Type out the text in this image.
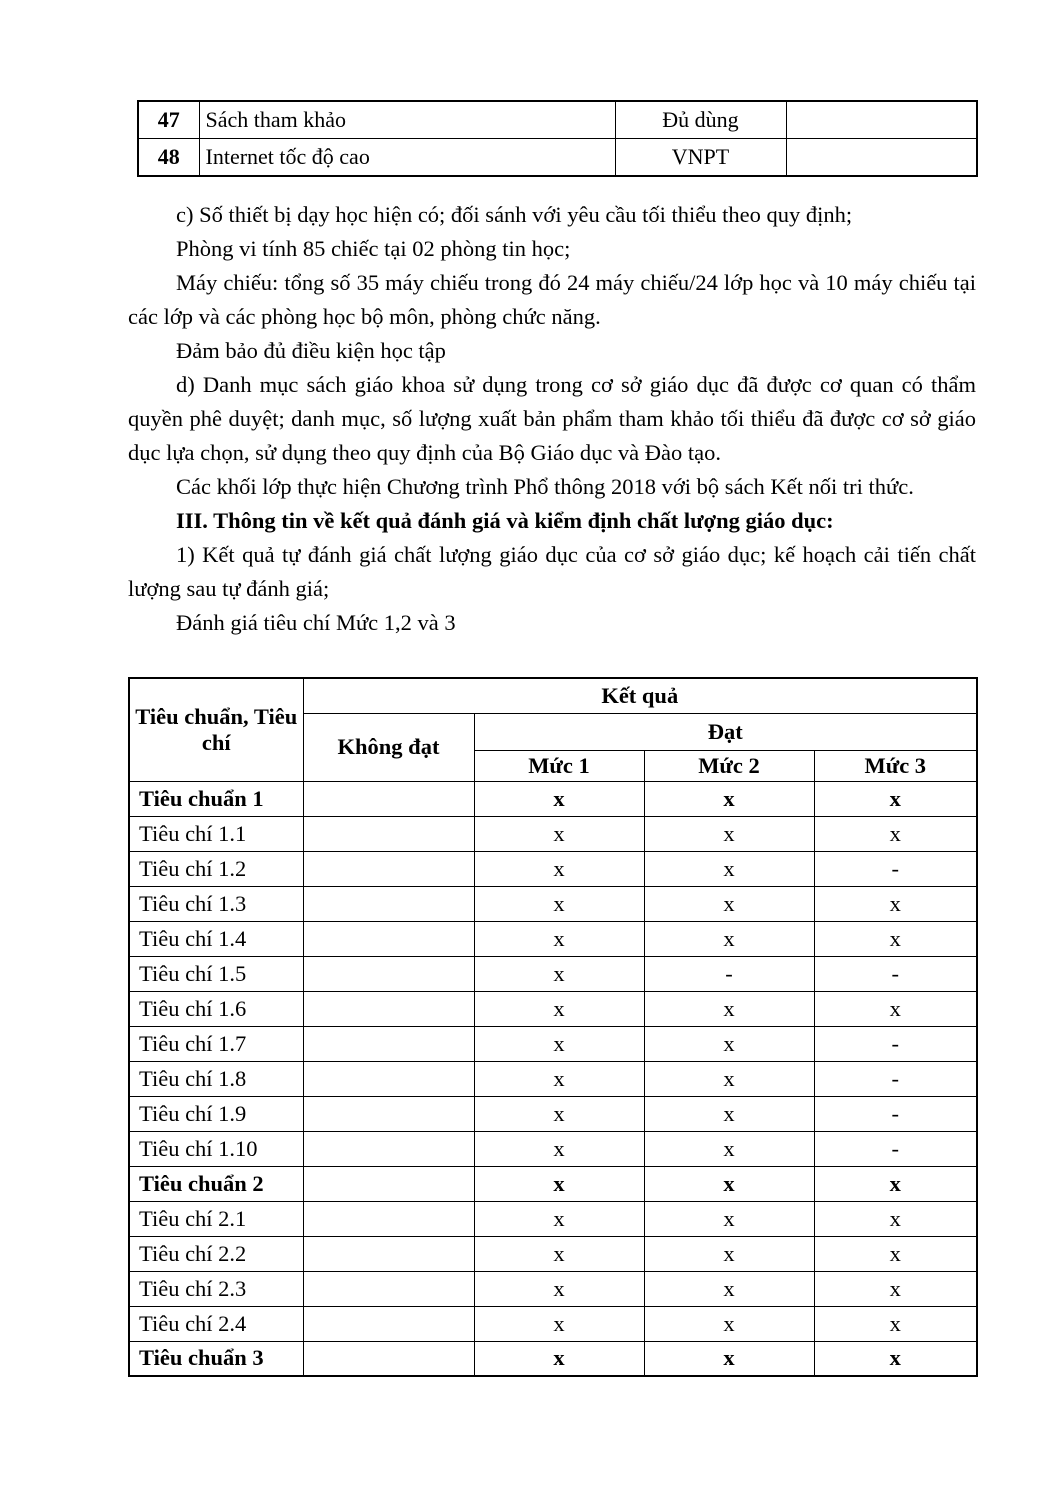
47	Sách tham khảo	Đủ dùng	
48	Internet tốc độ cao	VNPT	

c) Số thiết bị dạy học hiện có; đối sánh với yêu cầu tối thiểu theo quy định;

Phòng vi tính 85 chiếc tại 02 phòng tin học;

Máy chiếu: tổng số 35 máy chiếu trong đó 24 máy chiếu/24 lớp học và 10 máy chiếu tại các lớp và các phòng học bộ môn, phòng chức năng.

Đảm bảo đủ điều kiện học tập

d) Danh mục sách giáo khoa sử dụng trong cơ sở giáo dục đã được cơ quan có thẩm quyền phê duyệt; danh mục, số lượng xuất bản phẩm tham khảo tối thiểu đã được cơ sở giáo dục lựa chọn, sử dụng theo quy định của Bộ Giáo dục và Đào tạo.

Các khối lớp thực hiện Chương trình Phổ thông 2018 với bộ sách Kết nối tri thức.

III. Thông tin về kết quả đánh giá và kiểm định chất lượng giáo dục:

1) Kết quả tự đánh giá chất lượng giáo dục của cơ sở giáo dục; kế hoạch cải tiến chất lượng sau tự đánh giá;

Đánh giá tiêu chí Mức 1,2 và 3

Tiêu chuẩn, Tiêu chí	Kết quả			
	Không đạt	Đạt		
		Mức 1	Mức 2	Mức 3
Tiêu chuẩn 1		x	x	x
Tiêu chí 1.1		x	x	x
Tiêu chí 1.2		x	x	-
Tiêu chí 1.3		x	x	x
Tiêu chí 1.4		x	x	x
Tiêu chí 1.5		x	-	-
Tiêu chí 1.6		x	x	x
Tiêu chí 1.7		x	x	-
Tiêu chí 1.8		x	x	-
Tiêu chí 1.9		x	x	-
Tiêu chí 1.10		x	x	-
Tiêu chuẩn 2		x	x	x
Tiêu chí 2.1		x	x	x
Tiêu chí 2.2		x	x	x
Tiêu chí 2.3		x	x	x
Tiêu chí 2.4		x	x	x
Tiêu chuẩn 3		x	x	x
